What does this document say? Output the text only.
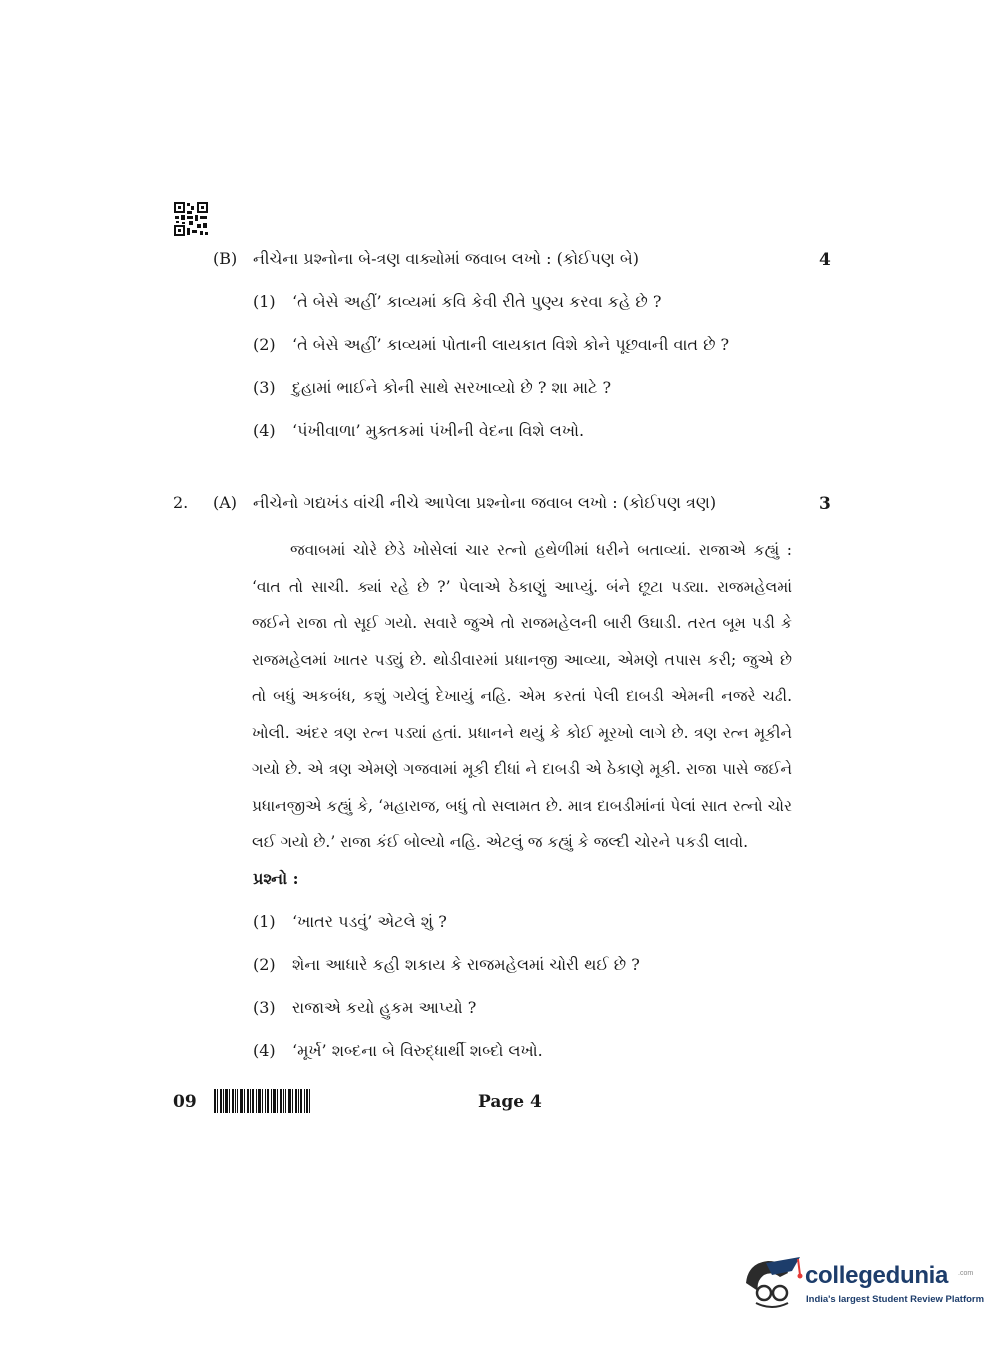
(B) નીચેના પ્રશ્નોના બે-ત્રણ વાક્યોમાં જવાબ લખો : (કોઈપણ બે)	4
(1) ‘તે બેસે અહીં’ કાવ્યમાં કવિ કેવી રીતે પુણ્ય કરવા કહે છે ?
(2) ‘તે બેસે અહીં’ કાવ્યમાં પોતાની લાયકાત વિશે કોને પૂછવાની વાત છે ?
(3) દુહામાં ભાઈને કોની સાથે સરખાવ્યો છે ? શા માટે ?
(4) ‘પંખીવાળા’ મુક્તકમાં પંખીની વેદના વિશે લખો.
2. (A) નીચેનો ગદ્યખંડ વાંચી નીચે આપેલા પ્રશ્નોના જવાબ લખો : (કોઈપણ ત્રણ)	3

જવાબમાં ચોરે છેડે ખોસેલાં ચાર રત્નો હથેળીમાં ધરીને બતાવ્યાં. રાજાએ કહ્યું : ‘વાત તો સાચી. ક્યાં રહે છે ?’ પેલાએ ઠેકાણું આપ્યું. બંને છૂટા પડ્યા. રાજમહેલમાં જઈને રાજા તો સૂઈ ગયો. સવારે જુએ તો રાજમહેલની બારી ઉઘાડી. તરત બૂમ પડી કે રાજમહેલમાં ખાતર પડ્યું છે. થોડીવારમાં પ્રધાનજી આવ્યા, એમણે તપાસ કરી; જુએ છે તો બધું અકબંધ, કશું ગયેલું દેખાયું નહિ. એમ કરતાં પેલી દાબડી એમની નજરે ચઢી. ખોલી. અંદર ત્રણ રત્ન પડ્યાં હતાં. પ્રધાનને થયું કે કોઈ મૂરખો લાગે છે. ત્રણ રત્ન મૂકીને ગયો છે. એ ત્રણ એમણે ગજવામાં મૂકી દીધાં ને દાબડી એ ઠેકાણે મૂકી. રાજા પાસે જઈને પ્રધાનજીએ કહ્યું કે, ‘મહારાજ, બધું તો સલામત છે. માત્ર દાબડીમાંનાં પેલાં સાત રત્નો ચોર લઈ ગયો છે.’ રાજા કંઈ બોલ્યો નહિ. એટલું જ કહ્યું કે જલ્દી ચોરને પકડી લાવો.

પ્રશ્નો :
(1) ‘ખાતર પડવું’ એટલે શું ?
(2) શેના આધારે કહી શકાય કે રાજમહેલમાં ચોરી થઈ છે ?
(3) રાજાએ કયો હુકમ આપ્યો ?
(4) ‘મૂર્ખ’ શબ્દના બે વિરુદ્ધાર્થી શબ્દો લખો.
09	Page 4
collegedunia .com
India's largest Student Review Platform
